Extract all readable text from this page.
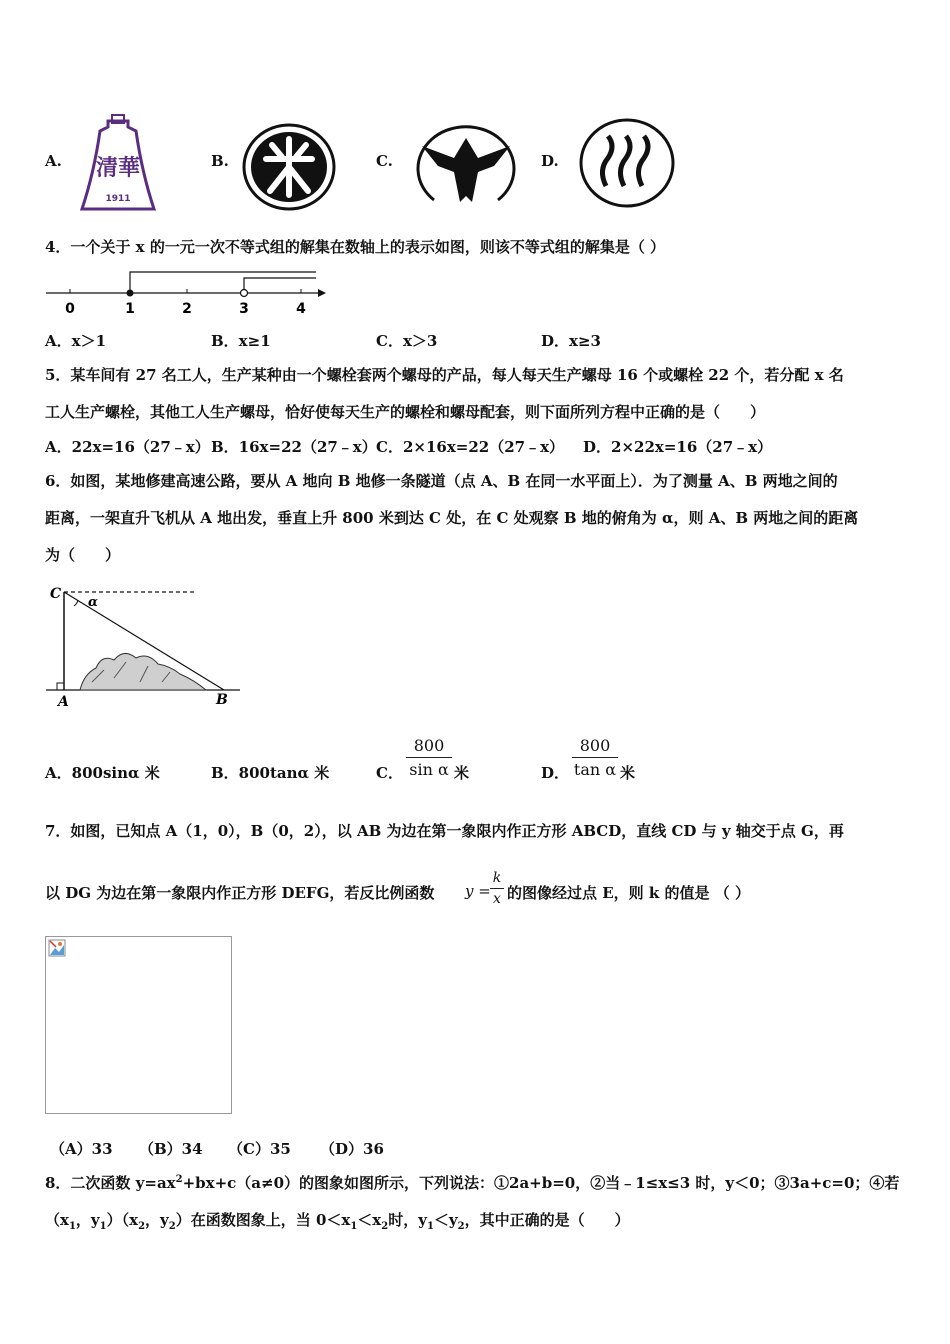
A. 清華
1911
B.	C.	D.
4．一个关于 x 的一元一次不等式组的解集在数轴上的表示如图，则该不等式组的解集是（ ）
0	1	2	3	4
A．x＞1	B．x≥1	C．x＞3	D．x≥3
5．某车间有 27 名工人，生产某种由一个螺栓套两个螺母的产品，每人每天生产螺母 16 个或螺栓 22 个，若分配 x 名
工人生产螺栓，其他工人生产螺母，恰好使每天生产的螺栓和螺母配套，则下面所列方程中正确的是（　　）
A．22x=16（27﹣x） B．16x=22（27﹣x） C．2×16x=22（27﹣x） D．2×22x=16（27﹣x）
6．如图，某地修建高速公路，要从 A 地向 B 地修一条隧道（点 A、B 在同一水平面上）．为了测量 A、B 两地之间的
距离，一架直升飞机从 A 地出发，垂直上升 800 米到达 C 处，在 C 处观察 B 地的俯角为 α，则 A、B 两地之间的距离
为（　　）
C
α
A	B
A．800sinα 米	B．800tanα 米	C．
800
sin α 米	D．
800
tan α 米
7．如图，已知点 A（1，0），B（0，2），以 AB 为边在第一象限内作正方形 ABCD，直线 CD 与 y 轴交于点 G，再
以 DG 为边在第一象限内作正方形 DEFG，若反比例函数 y =
k
x 的图像经过点 E，则 k 的值是 （ ）
（A）33 （B）34 （C）35 （D）36
8．二次函数 $y=ax^2+bx+c(a\ne 0)$的图象如图所示，下列说法：①2a+b=0，②当﹣1≤x≤3 时，y＜0；③3a+c=0；④若
（$x_1$，$y_1)(x_2$，$y_2$）在函数图象上，当 $0<x_1<x_2$时，$y_1<y_2$，其中正确的是（　　）
